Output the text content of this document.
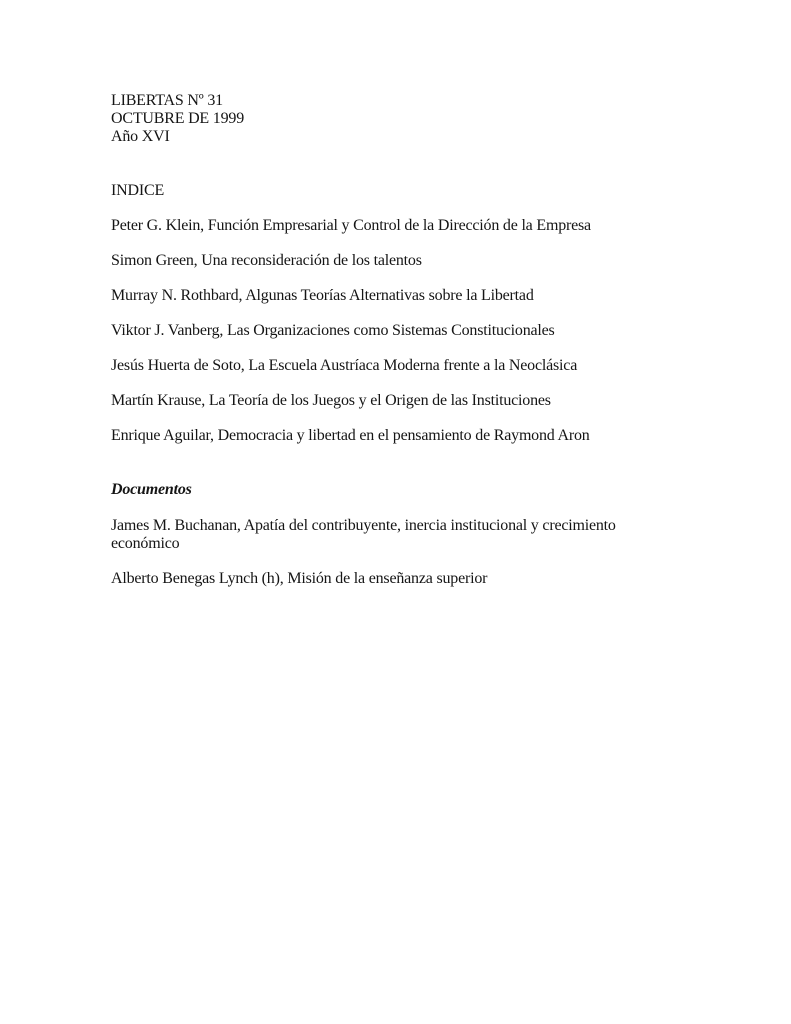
LIBERTAS Nº 31
OCTUBRE DE 1999
Año XVI
INDICE

Peter G. Klein, Función Empresarial y Control de la Dirección de la Empresa

Simon Green, Una reconsideración de los talentos

Murray N. Rothbard, Algunas Teorías Alternativas sobre la Libertad

Viktor J. Vanberg, Las Organizaciones como Sistemas Constitucionales

Jesús Huerta de Soto, La Escuela Austríaca Moderna frente a la Neoclásica

Martín Krause, La Teoría de los Juegos y el Origen de las Instituciones

Enrique Aguilar, Democracia y libertad en el pensamiento de Raymond Aron

Documentos

James M. Buchanan, Apatía del contribuyente, inercia institucional y crecimiento económico

Alberto Benegas Lynch (h), Misión de la enseñanza superior
